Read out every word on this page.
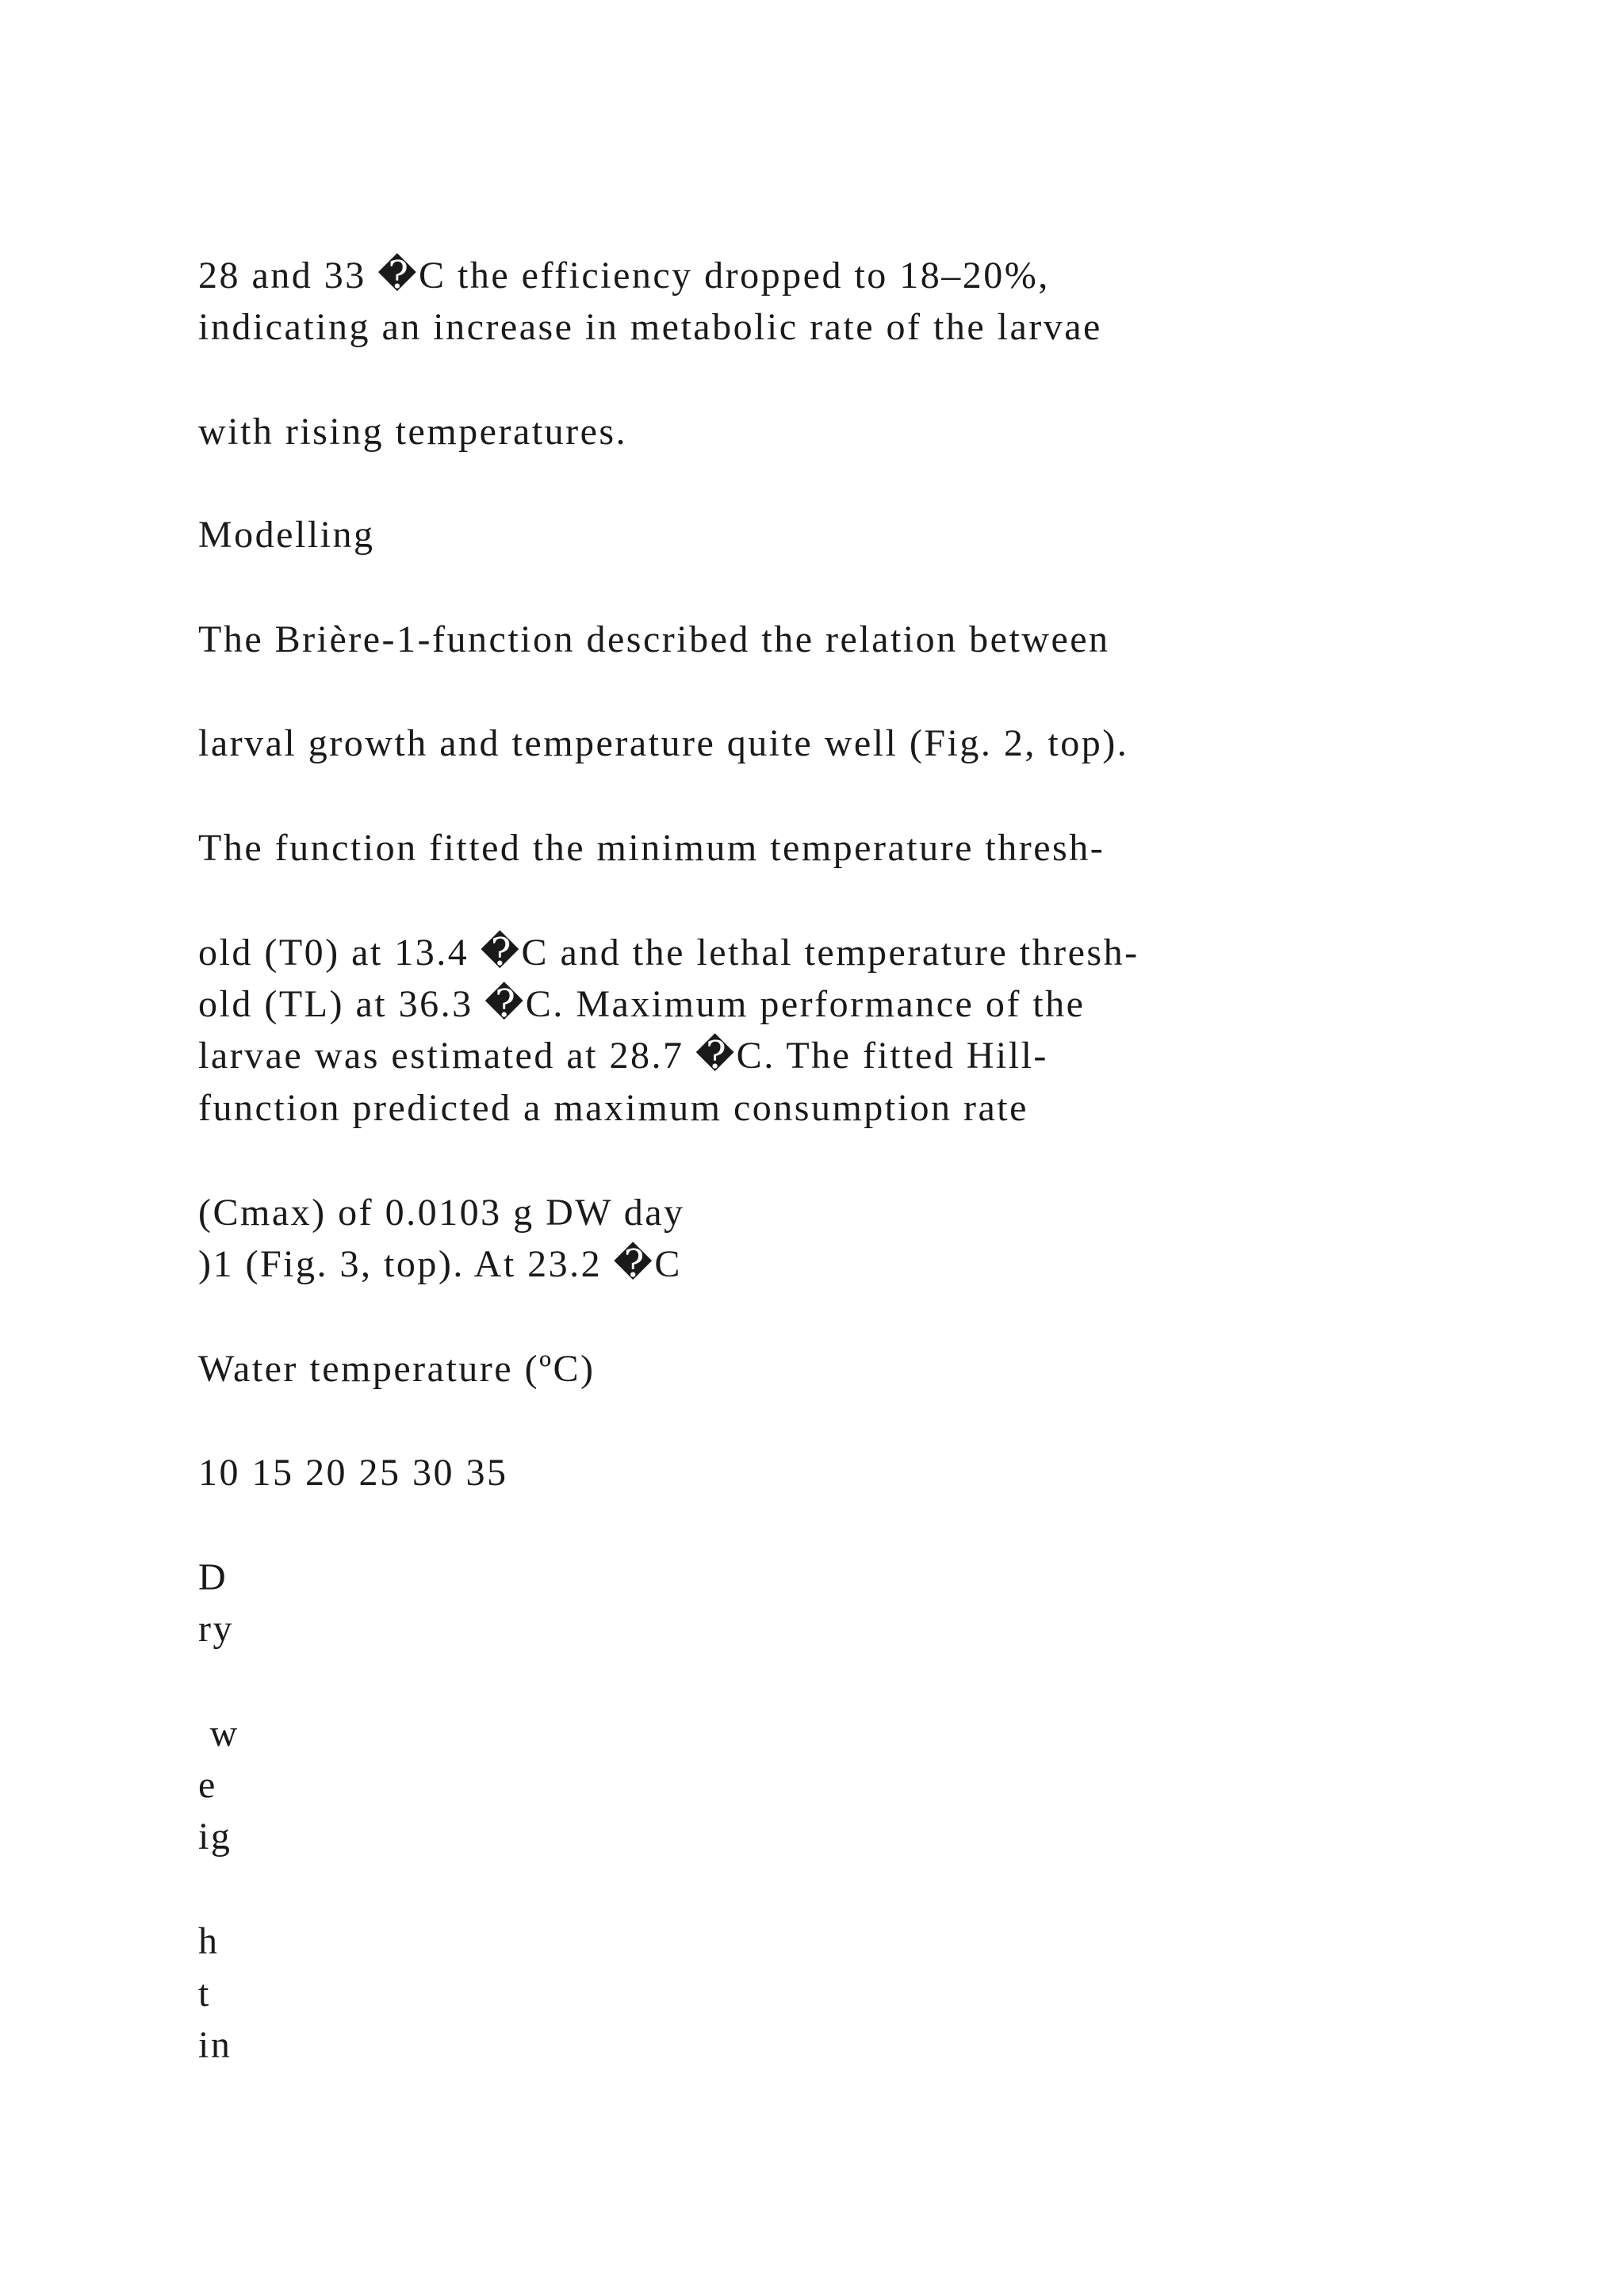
28 and 33 �C the efficiency dropped to 18–20%,
indicating an increase in metabolic rate of the larvae
with rising temperatures.
Modelling
The Brière-1-function described the relation between
larval growth and temperature quite well (Fig. 2, top).
The function fitted the minimum temperature thresh-
old (T0) at 13.4 �C and the lethal temperature thresh-
old (TL) at 36.3 �C. Maximum performance of the
larvae was estimated at 28.7 �C. The fitted Hill-
function predicted a maximum consumption rate
(Cmax) of 0.0103 g DW day
)1 (Fig. 3, top). At 23.2 �C
Water temperature (ºC)
10 15 20 25 30 35
D
ry
w
e
ig
h
t
in
